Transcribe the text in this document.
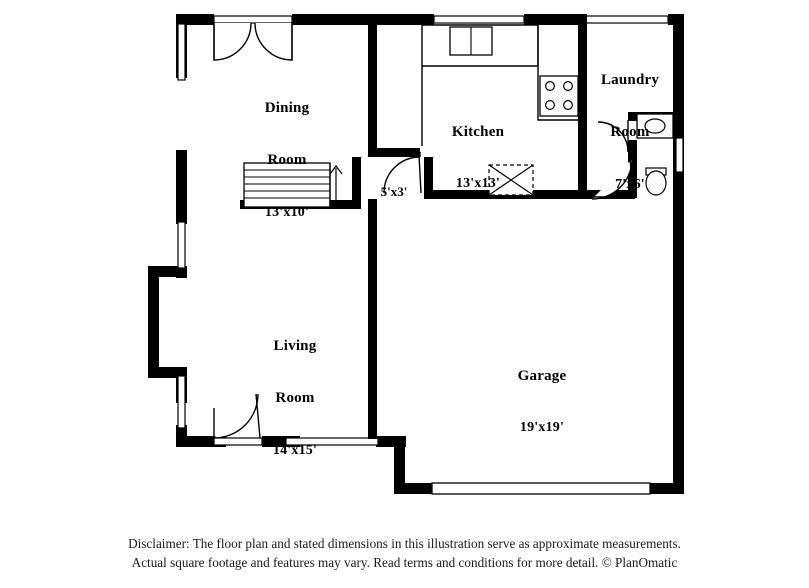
Dining

Room

13'x10'

Kitchen

13'x13'

Laundry

Room

7'x6'

Living

Room

14'x15'

Garage

19'x19'

5'x3'
Disclaimer: The floor plan and stated dimensions in this illustration serve as approximate measurements.
Actual square footage and features may vary. Read terms and conditions for more detail. © PlanOmatic
